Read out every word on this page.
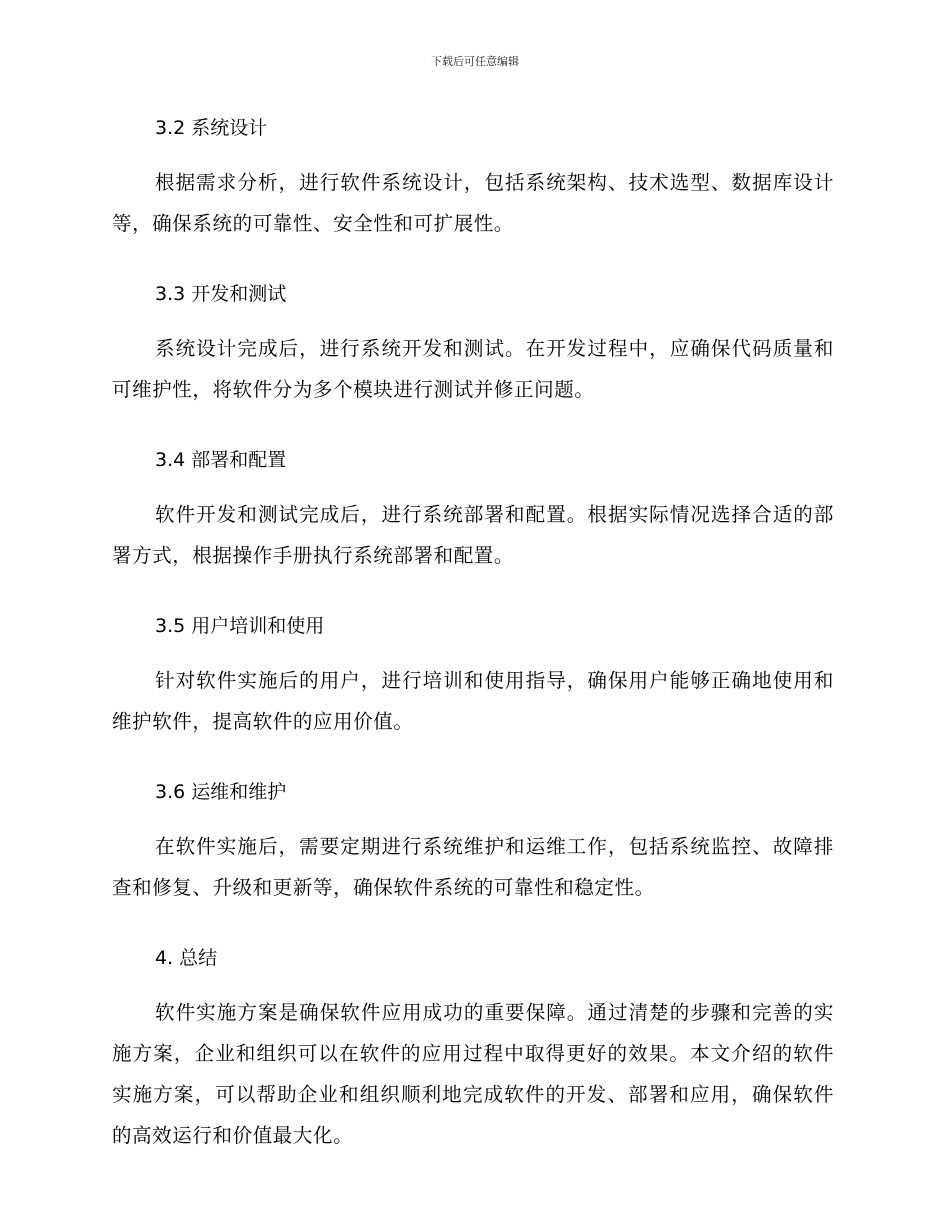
下载后可任意编辑
3.2 系统设计

根据需求分析，进行软件系统设计，包括系统架构、技术选型、数据库设计等，确保系统的可靠性、安全性和可扩展性。

3.3 开发和测试

系统设计完成后，进行系统开发和测试。在开发过程中，应确保代码质量和可维护性，将软件分为多个模块进行测试并修正问题。

3.4 部署和配置

软件开发和测试完成后，进行系统部署和配置。根据实际情况选择合适的部署方式，根据操作手册执行系统部署和配置。

3.5 用户培训和使用

针对软件实施后的用户，进行培训和使用指导，确保用户能够正确地使用和维护软件，提高软件的应用价值。

3.6 运维和维护

在软件实施后，需要定期进行系统维护和运维工作，包括系统监控、故障排查和修复、升级和更新等，确保软件系统的可靠性和稳定性。

4. 总结

软件实施方案是确保软件应用成功的重要保障。通过清楚的步骤和完善的实施方案，企业和组织可以在软件的应用过程中取得更好的效果。本文介绍的软件实施方案，可以帮助企业和组织顺利地完成软件的开发、部署和应用，确保软件的高效运行和价值最大化。
